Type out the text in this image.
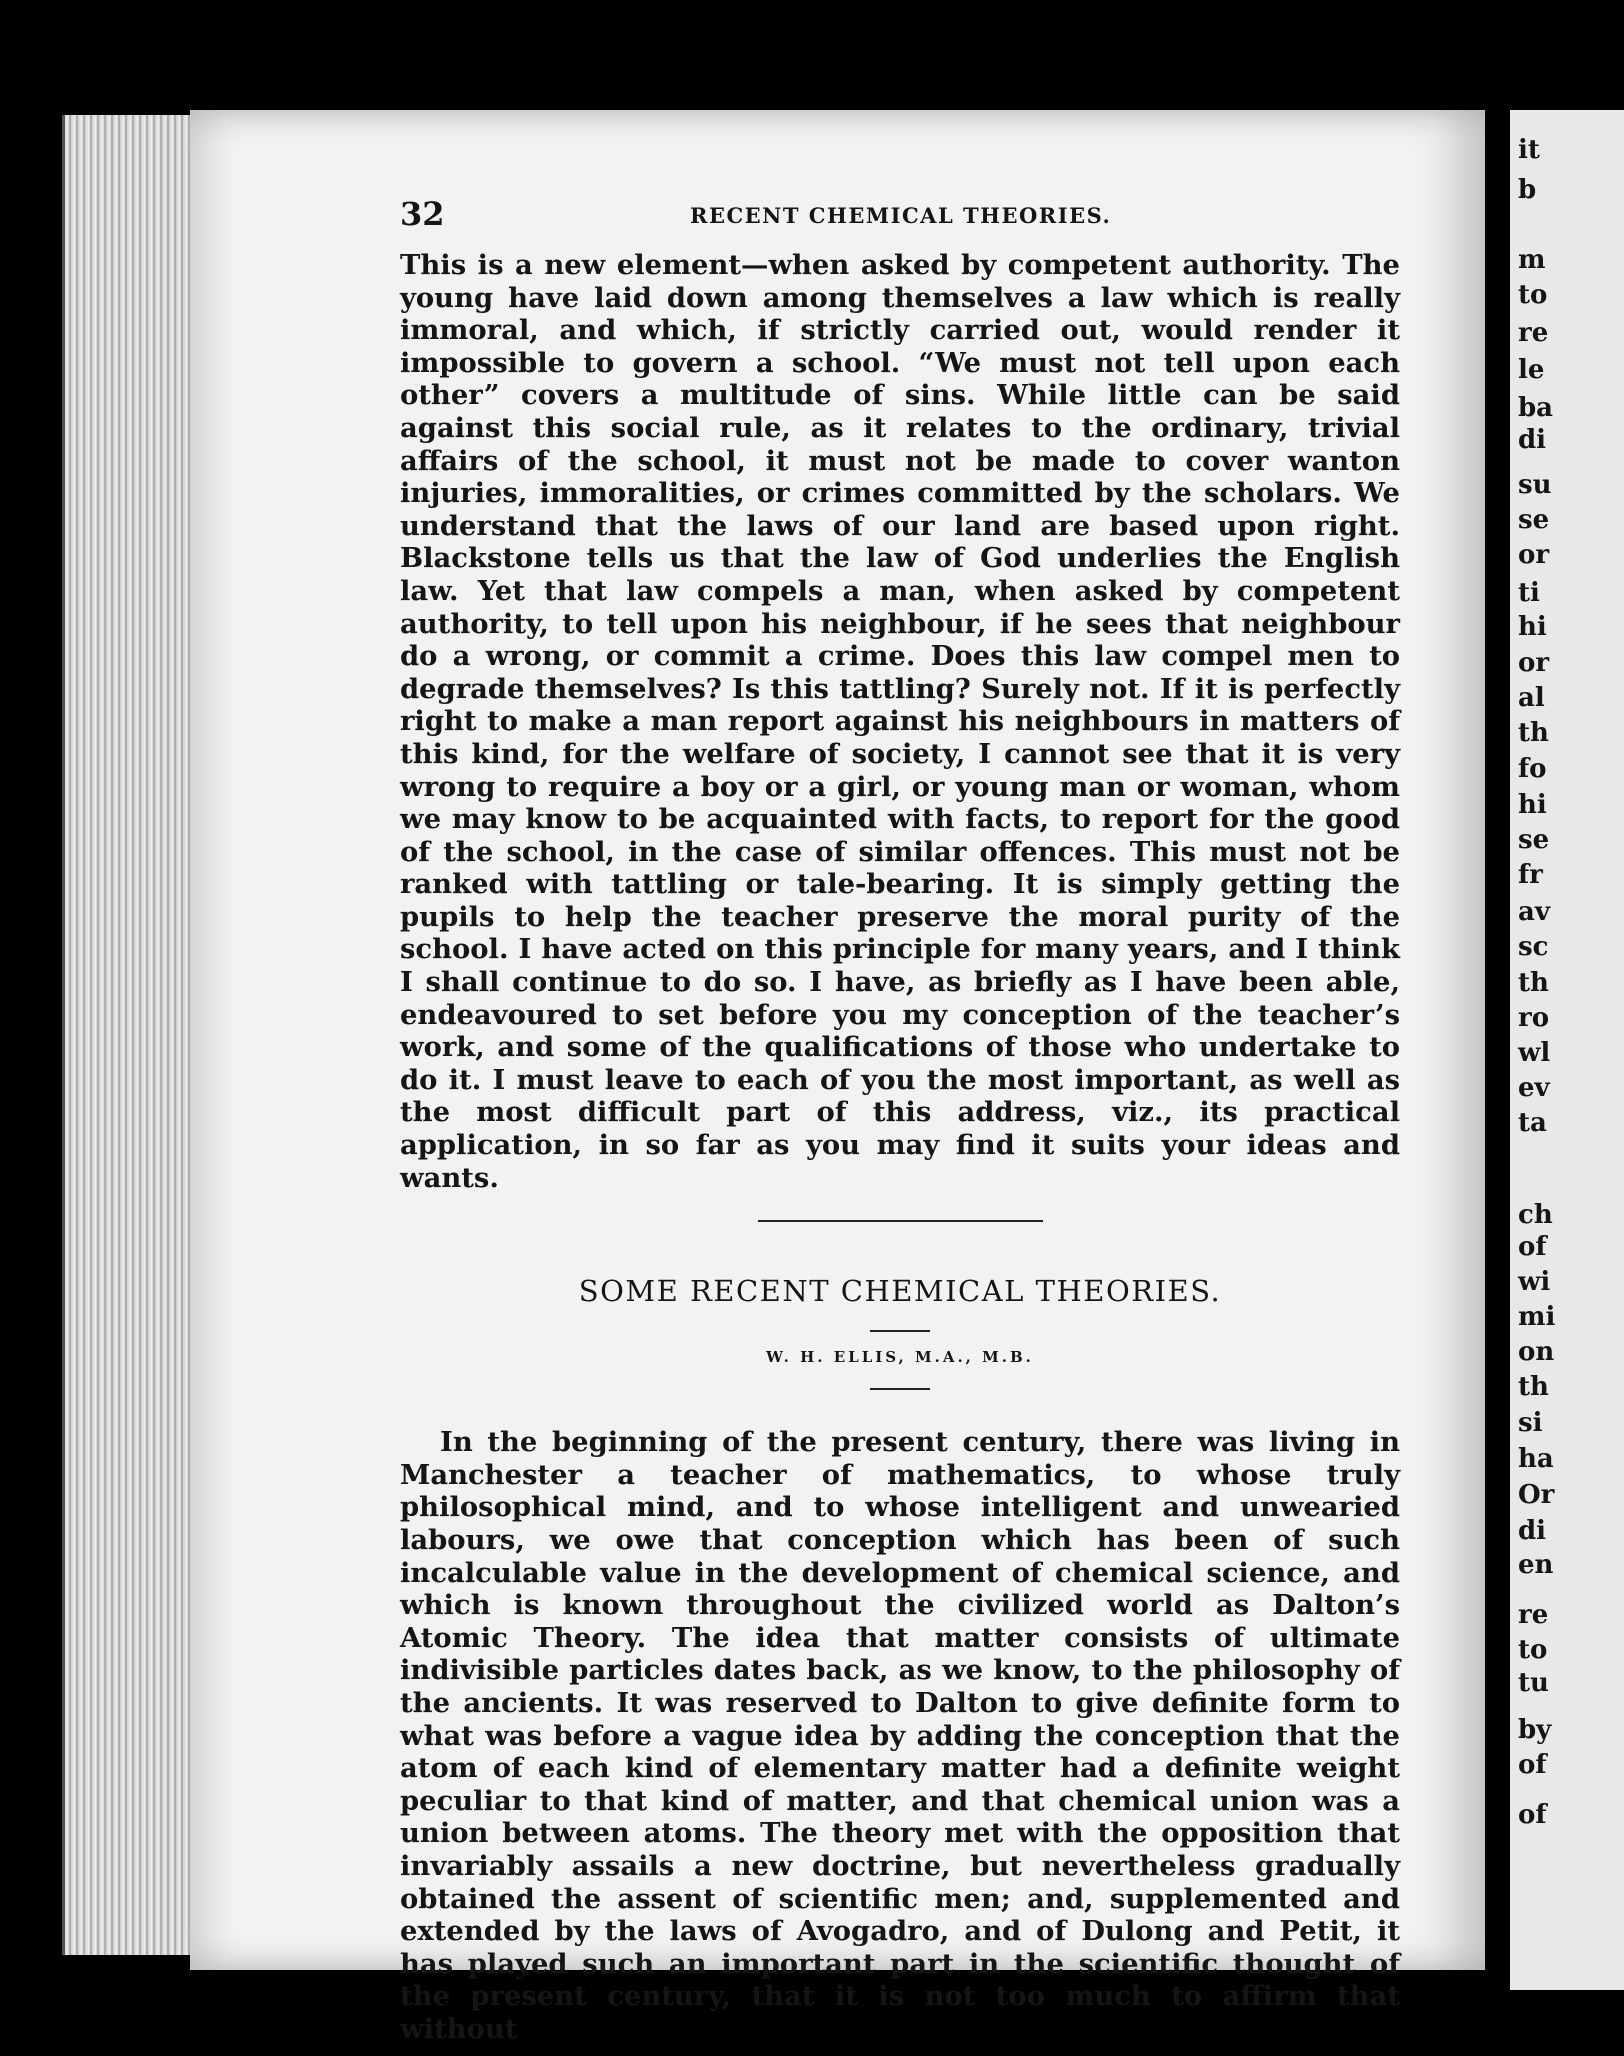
32	RECENT CHEMICAL THEORIES.

This is a new element—when asked by competent authority. The young have laid down among themselves a law which is really immoral, and which, if strictly carried out, would render it impossible to govern a school. “We must not tell upon each other” covers a multitude of sins. While little can be said against this social rule, as it relates to the ordinary, trivial affairs of the school, it must not be made to cover wanton injuries, immoralities, or crimes committed by the scholars. We understand that the laws of our land are based upon right. Blackstone tells us that the law of God underlies the English law. Yet that law compels a man, when asked by competent authority, to tell upon his neighbour, if he sees that neighbour do a wrong, or commit a crime. Does this law compel men to degrade themselves? Is this tattling? Surely not. If it is perfectly right to make a man report against his neighbours in matters of this kind, for the welfare of society, I cannot see that it is very wrong to require a boy or a girl, or young man or woman, whom we may know to be acquainted with facts, to report for the good of the school, in the case of similar offences. This must not be ranked with tattling or tale-bearing. It is simply getting the pupils to help the teacher preserve the moral purity of the school. I have acted on this principle for many years, and I think I shall continue to do so. I have, as briefly as I have been able, endeavoured to set before you my conception of the teacher’s work, and some of the qualifications of those who undertake to do it. I must leave to each of you the most important, as well as the most difficult part of this address, viz., its practical application, in so far as you may find it suits your ideas and wants.

SOME RECENT CHEMICAL THEORIES.
W. H. ELLIS, M.A., M.B.

In the beginning of the present century, there was living in Manchester a teacher of mathematics, to whose truly philosophical mind, and to whose intelligent and unwearied labours, we owe that conception which has been of such incalculable value in the development of chemical science, and which is known throughout the civilized world as Dalton’s Atomic Theory. The idea that matter consists of ultimate indivisible particles dates back, as we know, to the philosophy of the ancients. It was reserved to Dalton to give definite form to what was before a vague idea by adding the conception that the atom of each kind of elementary matter had a definite weight peculiar to that kind of matter, and that chemical union was a union between atoms. The theory met with the opposition that invariably assails a new doctrine, but nevertheless gradually obtained the assent of scientific men; and, supplemented and extended by the laws of Avogadro, and of Dulong and Petit, it has played such an important part in the scientific thought of the present century, that it is not too much to affirm that without

it
b
m
to
re
le
ba
di
su
se
or
ti
hi
or
al
th
fo
hi
se
fr
av
sc
th
ro
wl
ev
ta
ch
of
wi
mi
on
th
si
ha
Or
di
en
re
to
tu
by
of
of
